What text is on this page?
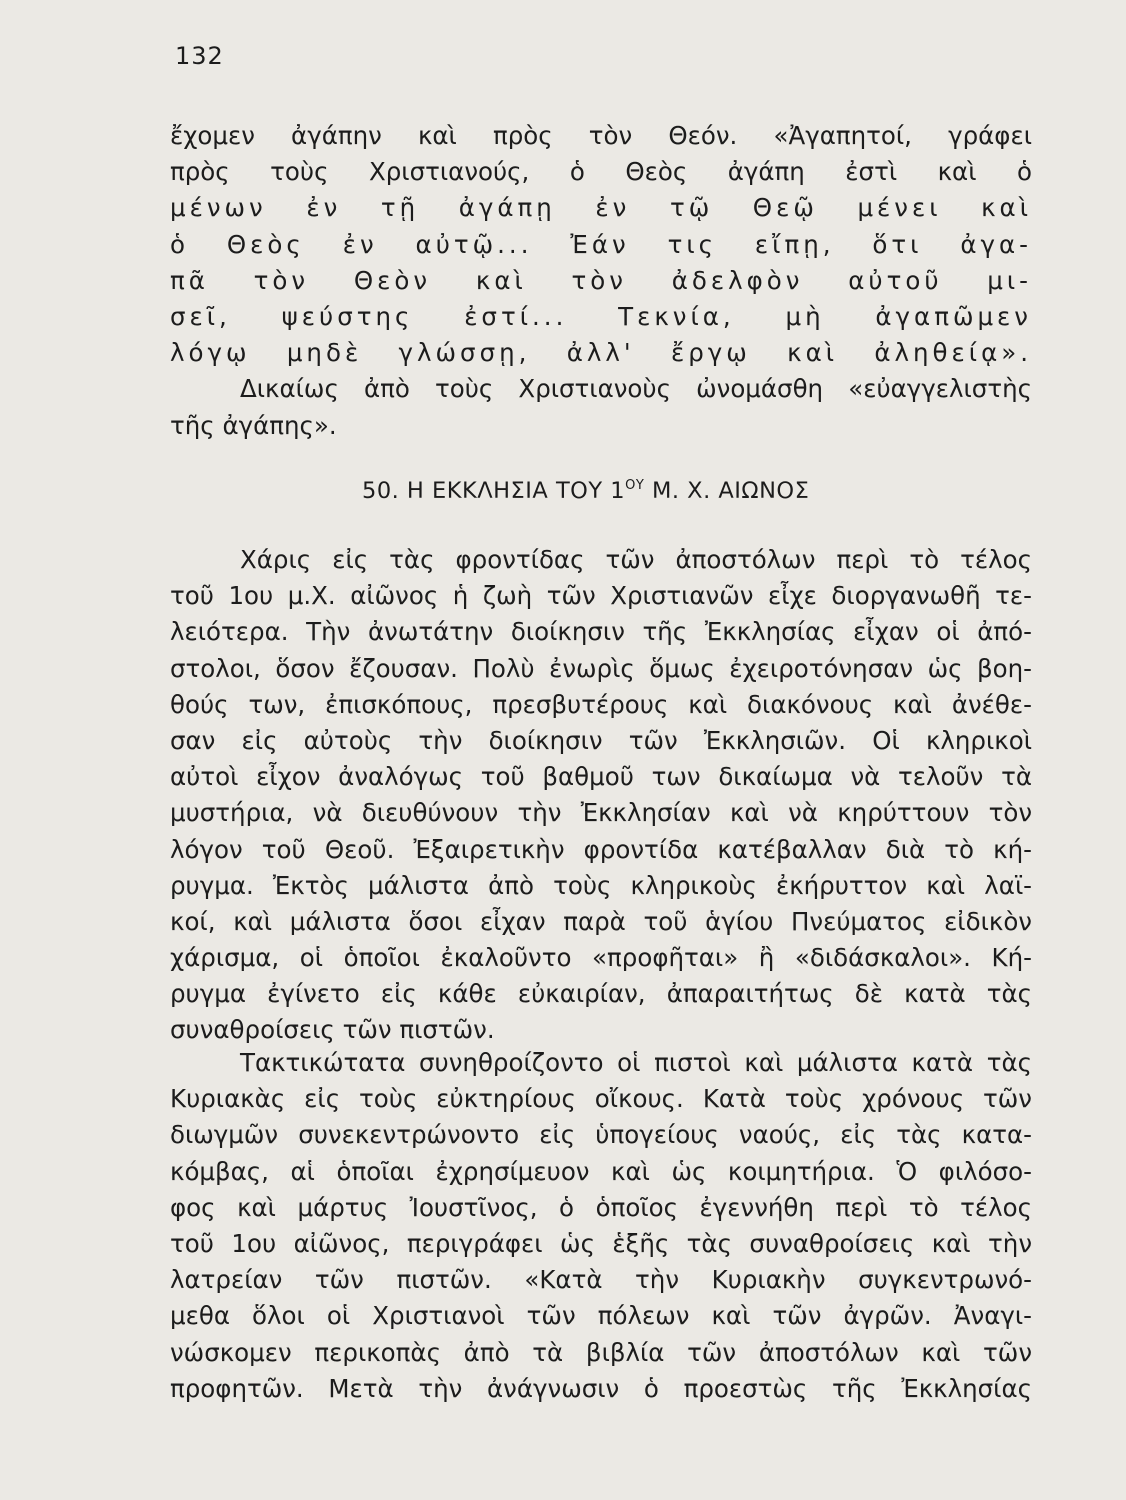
132
ἔχομεν ἀγάπην καὶ πρὸς τὸν Θεόν. «Ἀγαπητοί, γράφει
πρὸς τοὺς Χριστιανούς, ὁ Θεὸς ἀγάπη ἐστὶ καὶ ὁ
μένων ἐν τῇ ἀγάπῃ ἐν τῷ Θεῷ μένει καὶ
ὁ Θεὸς ἐν αὐτῷ... Ἐάν τις εἴπῃ, ὅτι ἀγα-
πᾶ τὸν Θεὸν καὶ τὸν ἀδελφὸν αὐτοῦ μι-
σεῖ, ψεύστης ἐστί... Τεκνία, μὴ ἀγαπῶμεν
λόγῳ μηδὲ γλώσσῃ, ἀλλ' ἔργῳ καὶ ἀληθείᾳ».
Δικαίως ἀπὸ τοὺς Χριστιανοὺς ὠνομάσθη «εὐαγγελιστὴς
τῆς ἀγάπης».
50. Η ΕΚΚΛΗΣΙΑ ΤΟΥ $1^{O\Upsilon}$ Μ. Χ. ΑΙΩΝΟΣ
Χάρις εἰς τὰς φροντίδας τῶν ἀποστόλων περὶ τὸ τέλος
τοῦ 1ου μ.Χ. αἰῶνος ἡ ζωὴ τῶν Χριστιανῶν εἶχε διοργανωθῆ τε-
λειότερα. Τὴν ἀνωτάτην διοίκησιν τῆς Ἐκκλησίας εἶχαν οἱ ἀπό-
στολοι, ὅσον ἔζουσαν. Πολὺ ἐνωρὶς ὅμως ἐχειροτόνησαν ὡς βοη-
θούς των, ἐπισκόπους, πρεσβυτέρους καὶ διακόνους καὶ ἀνέθε-
σαν εἰς αὐτοὺς τὴν διοίκησιν τῶν Ἐκκλησιῶν. Οἱ κληρικοὶ
αὐτοὶ εἶχον ἀναλόγως τοῦ βαθμοῦ των δικαίωμα νὰ τελοῦν τὰ
μυστήρια, νὰ διευθύνουν τὴν Ἐκκλησίαν καὶ νὰ κηρύττουν τὸν
λόγον τοῦ Θεοῦ. Ἐξαιρετικὴν φροντίδα κατέβαλλαν διὰ τὸ κή-
ρυγμα. Ἐκτὸς μάλιστα ἀπὸ τοὺς κληρικοὺς ἐκήρυττον καὶ λαϊ-
κοί, καὶ μάλιστα ὅσοι εἶχαν παρὰ τοῦ ἁγίου Πνεύματος εἰδικὸν
χάρισμα, οἱ ὁποῖοι ἐκαλοῦντο «προφῆται» ἢ «διδάσκαλοι». Κή-
ρυγμα ἐγίνετο εἰς κάθε εὐκαιρίαν, ἀπαραιτήτως δὲ κατὰ τὰς
συναθροίσεις τῶν πιστῶν.
Τακτικώτατα συνηθροίζοντο οἱ πιστοὶ καὶ μάλιστα κατὰ τὰς
Κυριακὰς εἰς τοὺς εὐκτηρίους οἴκους. Κατὰ τοὺς χρόνους τῶν
διωγμῶν συνεκεντρώνοντο εἰς ὑπογείους ναούς, εἰς τὰς κατα-
κόμβας, αἱ ὁποῖαι ἐχρησίμευον καὶ ὡς κοιμητήρια. Ὁ φιλόσο-
φος καὶ μάρτυς Ἰουστῖνος, ὁ ὁποῖος ἐγεννήθη περὶ τὸ τέλος
τοῦ 1ου αἰῶνος, περιγράφει ὡς ἑξῆς τὰς συναθροίσεις καὶ τὴν
λατρείαν τῶν πιστῶν. «Κατὰ τὴν Κυριακὴν συγκεντρωνό-
μεθα ὅλοι οἱ Χριστιανοὶ τῶν πόλεων καὶ τῶν ἀγρῶν. Ἀναγι-
νώσκομεν περικοπὰς ἀπὸ τὰ βιβλία τῶν ἀποστόλων καὶ τῶν
προφητῶν. Μετὰ τὴν ἀνάγνωσιν ὁ προεστὼς τῆς Ἐκκλησίας
